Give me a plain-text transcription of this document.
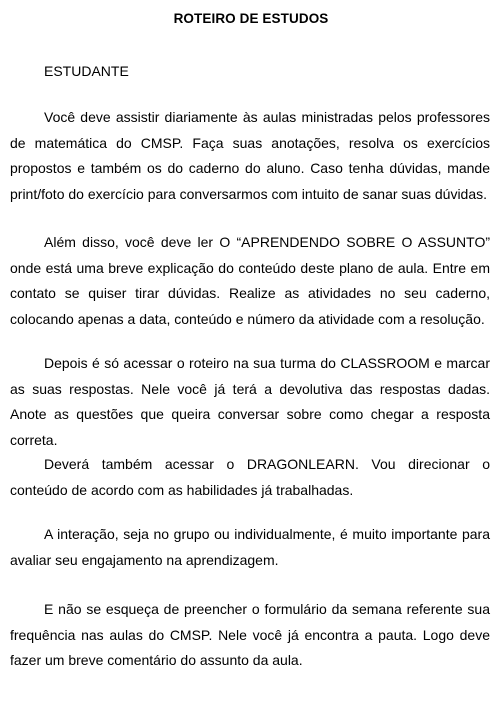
ROTEIRO DE ESTUDOS
ESTUDANTE

Você deve assistir diariamente às aulas ministradas pelos professores de matemática do CMSP. Faça suas anotações, resolva os exercícios propostos e também os do caderno do aluno. Caso tenha dúvidas, mande print/foto do exercício para conversarmos com intuito de sanar suas dúvidas.

Além disso, você deve ler O “APRENDENDO SOBRE O ASSUNTO” onde está uma breve explicação do conteúdo deste plano de aula. Entre em contato se quiser tirar dúvidas. Realize as atividades no seu caderno, colocando apenas a data, conteúdo e número da atividade com a resolução.

Depois é só acessar o roteiro na sua turma do CLASSROOM e marcar as suas respostas. Nele você já terá a devolutiva das respostas dadas. Anote as questões que queira conversar sobre como chegar a resposta correta.

Deverá também acessar o DRAGONLEARN. Vou direcionar o conteúdo de acordo com as habilidades já trabalhadas.

A interação, seja no grupo ou individualmente, é muito importante para avaliar seu engajamento na aprendizagem.

E não se esqueça de preencher o formulário da semana referente sua frequência nas aulas do CMSP. Nele você já encontra a pauta. Logo deve fazer um breve comentário do assunto da aula.
